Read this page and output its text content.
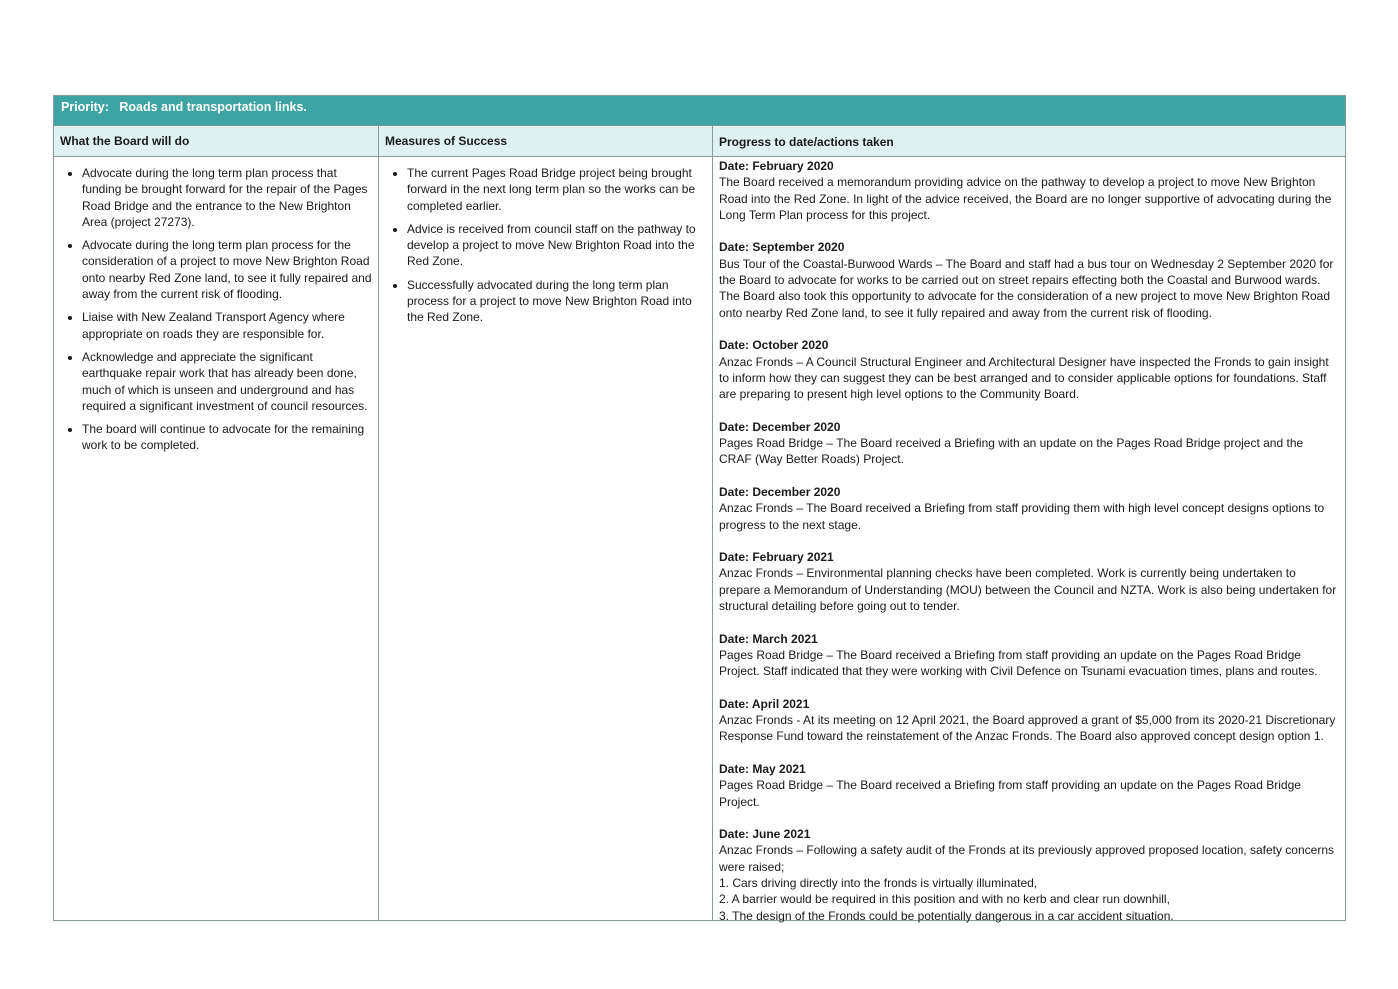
Priority:   Roads and transportation links.
What the Board will do	Measures of Success	Progress to date/actions taken
• Advocate during the long term plan process that funding be brought forward for the repair of the Pages Road Bridge and the entrance to the New Brighton Area (project 27273).
• Advocate during the long term plan process for the consideration of a project to move New Brighton Road onto nearby Red Zone land, to see it fully repaired and away from the current risk of flooding.
• Liaise with New Zealand Transport Agency where appropriate on roads they are responsible for.
• Acknowledge and appreciate the significant earthquake repair work that has already been done, much of which is unseen and underground and has required a significant investment of council resources.
• The board will continue to advocate for the remaining work to be completed.
• The current Pages Road Bridge project being brought forward in the next long term plan so the works can be completed earlier.
• Advice is received from council staff on the pathway to develop a project to move New Brighton Road into the Red Zone.
• Successfully advocated during the long term plan process for a project to move New Brighton Road into the Red Zone.
Date: February 2020
The Board received a memorandum providing advice on the pathway to develop a project to move New Brighton Road into the Red Zone. In light of the advice received, the Board are no longer supportive of advocating during the Long Term Plan process for this project.
Date: September 2020
Bus Tour of the Coastal-Burwood Wards – The Board and staff had a bus tour on Wednesday 2 September 2020 for the Board to advocate for works to be carried out on street repairs effecting both the Coastal and Burwood wards. The Board also took this opportunity to advocate for the consideration of a new project to move New Brighton Road onto nearby Red Zone land, to see it fully repaired and away from the current risk of flooding.
Date: October 2020
Anzac Fronds – A Council Structural Engineer and Architectural Designer have inspected the Fronds to gain insight to inform how they can suggest they can be best arranged and to consider applicable options for foundations. Staff are preparing to present high level options to the Community Board.
Date: December 2020
Pages Road Bridge – The Board received a Briefing with an update on the Pages Road Bridge project and the CRAF (Way Better Roads) Project.
Date: December 2020
Anzac Fronds – The Board received a Briefing from staff providing them with high level concept designs options to progress to the next stage.
Date: February 2021
Anzac Fronds – Environmental planning checks have been completed. Work is currently being undertaken to prepare a Memorandum of Understanding (MOU) between the Council and NZTA. Work is also being undertaken for structural detailing before going out to tender.
Date: March 2021
Pages Road Bridge – The Board received a Briefing from staff providing an update on the Pages Road Bridge Project. Staff indicated that they were working with Civil Defence on Tsunami evacuation times, plans and routes.
Date: April 2021
Anzac Fronds - At its meeting on 12 April 2021, the Board approved a grant of $5,000 from its 2020-21 Discretionary Response Fund toward the reinstatement of the Anzac Fronds. The Board also approved concept design option 1.
Date: May 2021
Pages Road Bridge – The Board received a Briefing from staff providing an update on the Pages Road Bridge Project.
Date: June 2021
Anzac Fronds – Following a safety audit of the Fronds at its previously approved proposed location, safety concerns were raised;
1. Cars driving directly into the fronds is virtually illuminated,
2. A barrier would be required in this position and with no kerb and clear run downhill,
3. The design of the Fronds could be potentially dangerous in a car accident situation.
